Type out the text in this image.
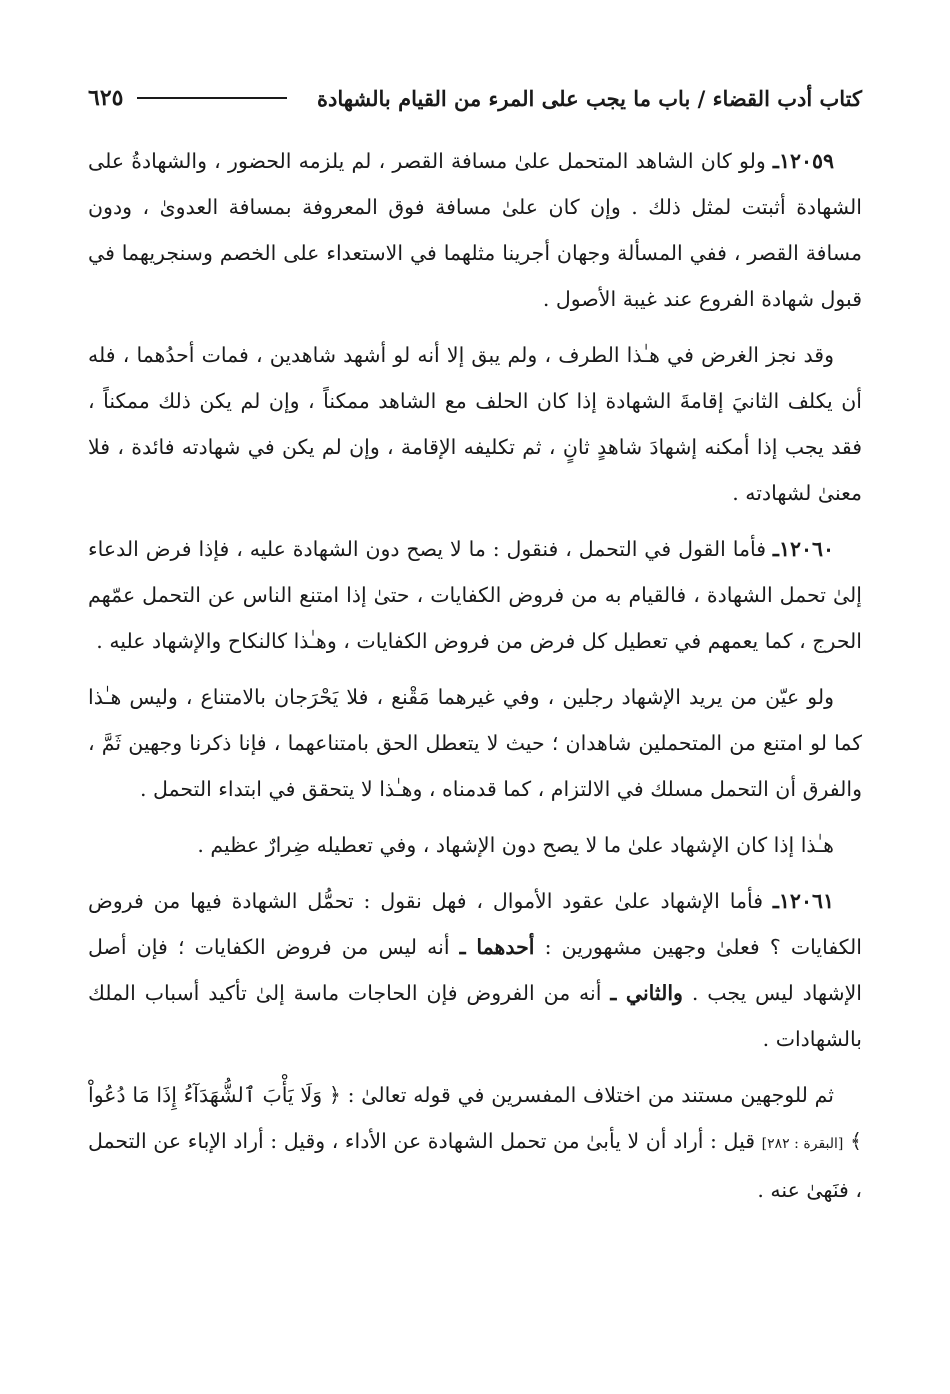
كتاب أدب القضاء / باب ما يجب على المرء من القيام بالشهادة
٦٢٥

١٢٠٥٩ـ ولو كان الشاهد المتحمل علىٰ مسافة القصر ، لم يلزمه الحضور ، والشهادةُ على الشهادة أثبتت لمثل ذلك . وإن كان علىٰ مسافة فوق المعروفة بمسافة العدوىٰ ، ودون مسافة القصر ، ففي المسألة وجهان أجرينا مثلهما في الاستعداء على الخصم وسنجريهما في قبول شهادة الفروع عند غيبة الأصول .

وقد نجز الغرض في هـٰذا الطرف ، ولم يبق إلا أنه لو أشهد شاهدين ، فمات أحدُهما ، فله أن يكلف الثانيَ إقامةَ الشهادة إذا كان الحلف مع الشاهد ممكناً ، وإن لم يكن ذلك ممكناً ، فقد يجب إذا أمكنه إشهادَ شاهدٍ ثانٍ ، ثم تكليفه الإقامة ، وإن لم يكن في شهادته فائدة ، فلا معنىٰ لشهادته .

١٢٠٦٠ـ فأما القول في التحمل ، فنقول : ما لا يصح دون الشهادة عليه ، فإذا فرض الدعاء إلىٰ تحمل الشهادة ، فالقيام به من فروض الكفايات ، حتىٰ إذا امتنع الناس عن التحمل عمّهم الحرج ، كما يعمهم في تعطيل كل فرض من فروض الكفايات ، وهـٰذا كالنكاح والإشهاد عليه .

ولو عيّن من يريد الإشهاد رجلين ، وفي غيرهما مَقْنع ، فلا يَحْرَجان بالامتناع ، وليس هـٰذا كما لو امتنع من المتحملين شاهدان ؛ حيث لا يتعطل الحق بامتناعهما ، فإنا ذكرنا وجهين ثَمَّ ، والفرق أن التحمل مسلك في الالتزام ، كما قدمناه ، وهـٰذا لا يتحقق في ابتداء التحمل .

هـٰذا إذا كان الإشهاد علىٰ ما لا يصح دون الإشهاد ، وفي تعطيله ضِرارٌ عظيم .

١٢٠٦١ـ فأما الإشهاد علىٰ عقود الأموال ، فهل نقول : تحمُّل الشهادة فيها من فروض الكفايات ؟ فعلىٰ وجهين مشهورين : أحدهما ـ أنه ليس من فروض الكفايات ؛ فإن أصل الإشهاد ليس يجب . والثاني ـ أنه من الفروض فإن الحاجات ماسة إلىٰ تأكيد أسباب الملك بالشهادات .

ثم للوجهين مستند من اختلاف المفسرين في قوله تعالىٰ : ﴿ وَلَا يَأْبَ ٱلشُّهَدَآءُ إِذَا مَا دُعُواْ ﴾ [البقرة : ٢٨٢] قيل : أراد أن لا يأبىٰ من تحمل الشهادة عن الأداء ، وقيل : أراد الإباء عن التحمل ، فنَهىٰ عنه .
